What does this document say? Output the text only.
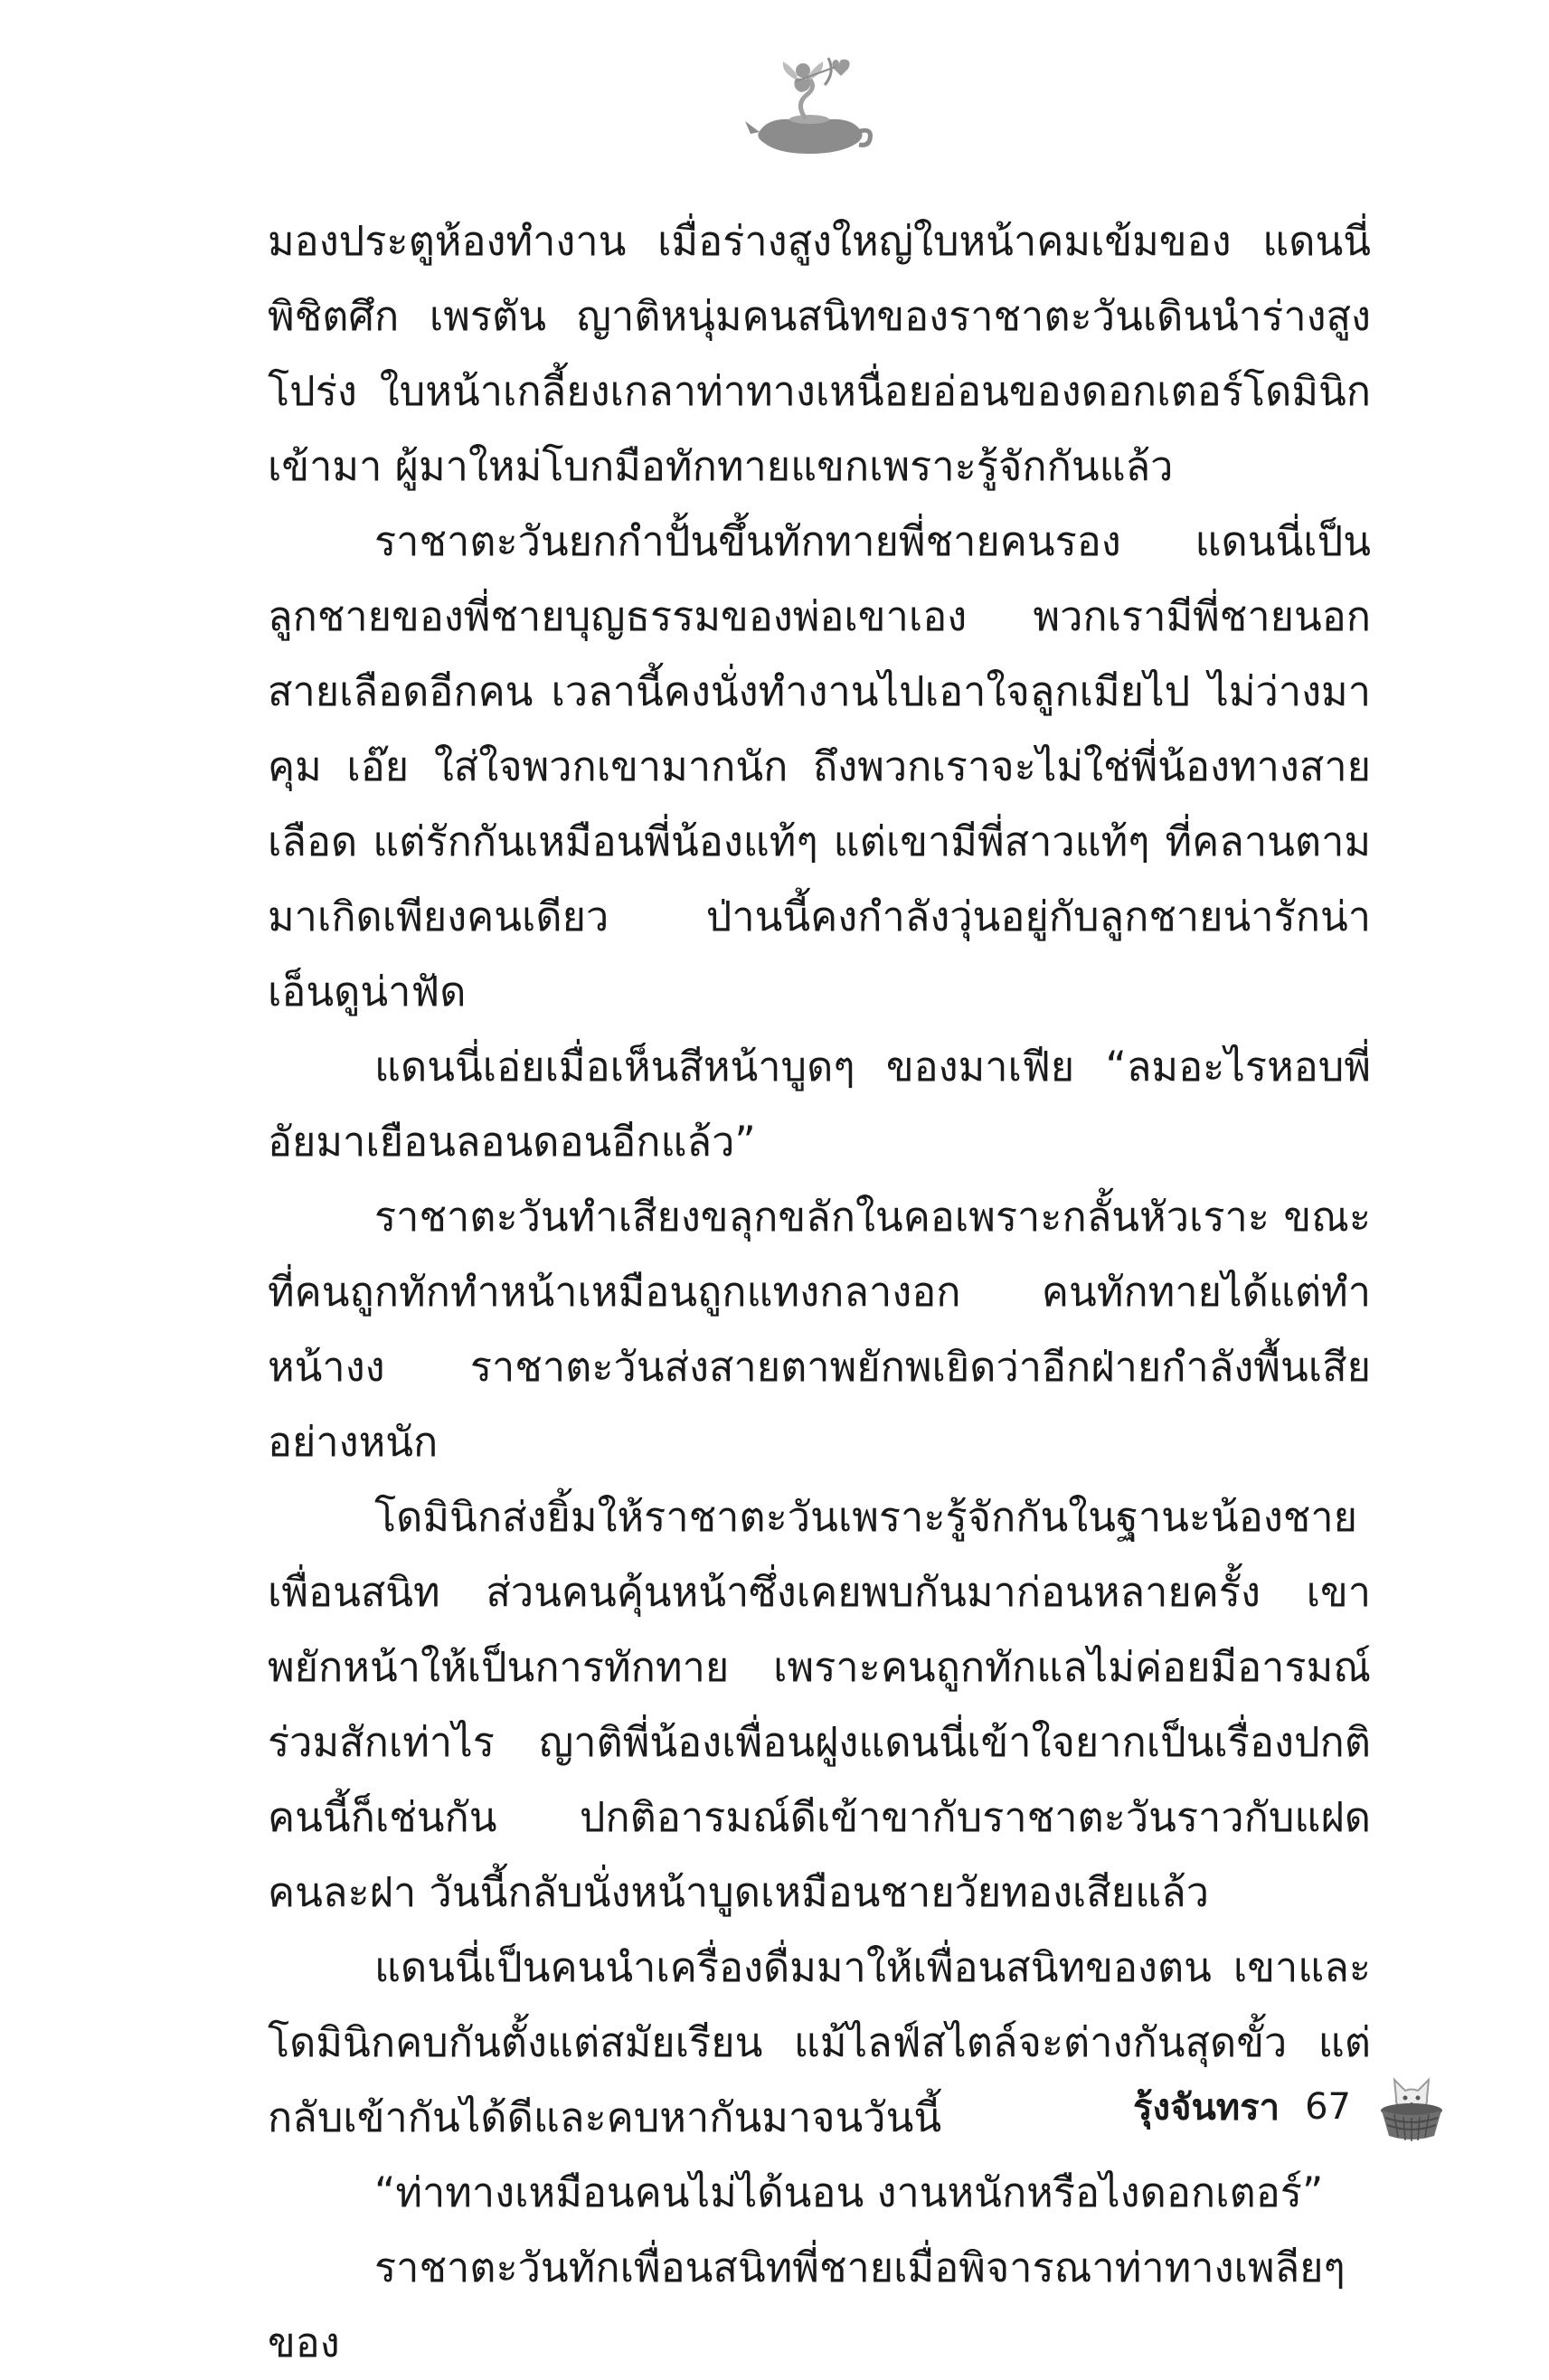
มองประตูห้องทำงาน เมื่อร่างสูงใหญ่ใบหน้าคมเข้มของ แดนนี่ พิชิตศึก เพรตัน ญาติหนุ่มคนสนิทของราชาตะวันเดินนำร่างสูงโปร่ง ใบหน้าเกลี้ยงเกลาท่าทางเหนื่อยอ่อนของดอกเตอร์โดมินิกเข้ามา ผู้มาใหม่โบกมือทักทายแขกเพราะรู้จักกันแล้ว

ราชาตะวันยกกำปั้นขึ้นทักทายพี่ชายคนรอง แดนนี่เป็นลูกชายของพี่ชายบุญธรรมของพ่อเขาเอง พวกเรามีพี่ชายนอกสายเลือดอีกคน เวลานี้คงนั่งทำงานไปเอาใจลูกเมียไป ไม่ว่างมาคุม เอ๊ย ใส่ใจพวกเขามากนัก ถึงพวกเราจะไม่ใช่พี่น้องทางสายเลือด แต่รักกันเหมือนพี่น้องแท้ๆ แต่เขามีพี่สาวแท้ๆ ที่คลานตามมาเกิดเพียงคนเดียว ป่านนี้คงกำลังวุ่นอยู่กับลูกชายน่ารักน่าเอ็นดูน่าฟัด

แดนนี่เอ่ยเมื่อเห็นสีหน้าบูดๆ ของมาเฟีย “ลมอะไรหอบพี่อัยมาเยือนลอนดอนอีกแล้ว”

ราชาตะวันทำเสียงขลุกขลักในคอเพราะกลั้นหัวเราะ ขณะที่คนถูกทักทำหน้าเหมือนถูกแทงกลางอก คนทักทายได้แต่ทำหน้างง ราชาตะวันส่งสายตาพยักพเยิดว่าอีกฝ่ายกำลังพื้นเสียอย่างหนัก

โดมินิกส่งยิ้มให้ราชาตะวันเพราะรู้จักกันในฐานะน้องชายเพื่อนสนิท ส่วนคนคุ้นหน้าซึ่งเคยพบกันมาก่อนหลายครั้ง เขาพยักหน้าให้เป็นการทักทาย เพราะคนถูกทักแลไม่ค่อยมีอารมณ์ร่วมสักเท่าไร ญาติพี่น้องเพื่อนฝูงแดนนี่เข้าใจยากเป็นเรื่องปกติ คนนี้ก็เช่นกัน ปกติอารมณ์ดีเข้าขากับราชาตะวันราวกับแฝดคนละฝา วันนี้กลับนั่งหน้าบูดเหมือนชายวัยทองเสียแล้ว

แดนนี่เป็นคนนำเครื่องดื่มมาให้เพื่อนสนิทของตน เขาและโดมินิกคบกันตั้งแต่สมัยเรียน แม้ไลฟ์สไตล์จะต่างกันสุดขั้ว แต่กลับเข้ากันได้ดีและคบหากันมาจนวันนี้

“ท่าทางเหมือนคนไม่ได้นอน งานหนักหรือไงดอกเตอร์”

ราชาตะวันทักเพื่อนสนิทพี่ชายเมื่อพิจารณาท่าทางเพลียๆ ของ

รุ้งจันทรา 67
